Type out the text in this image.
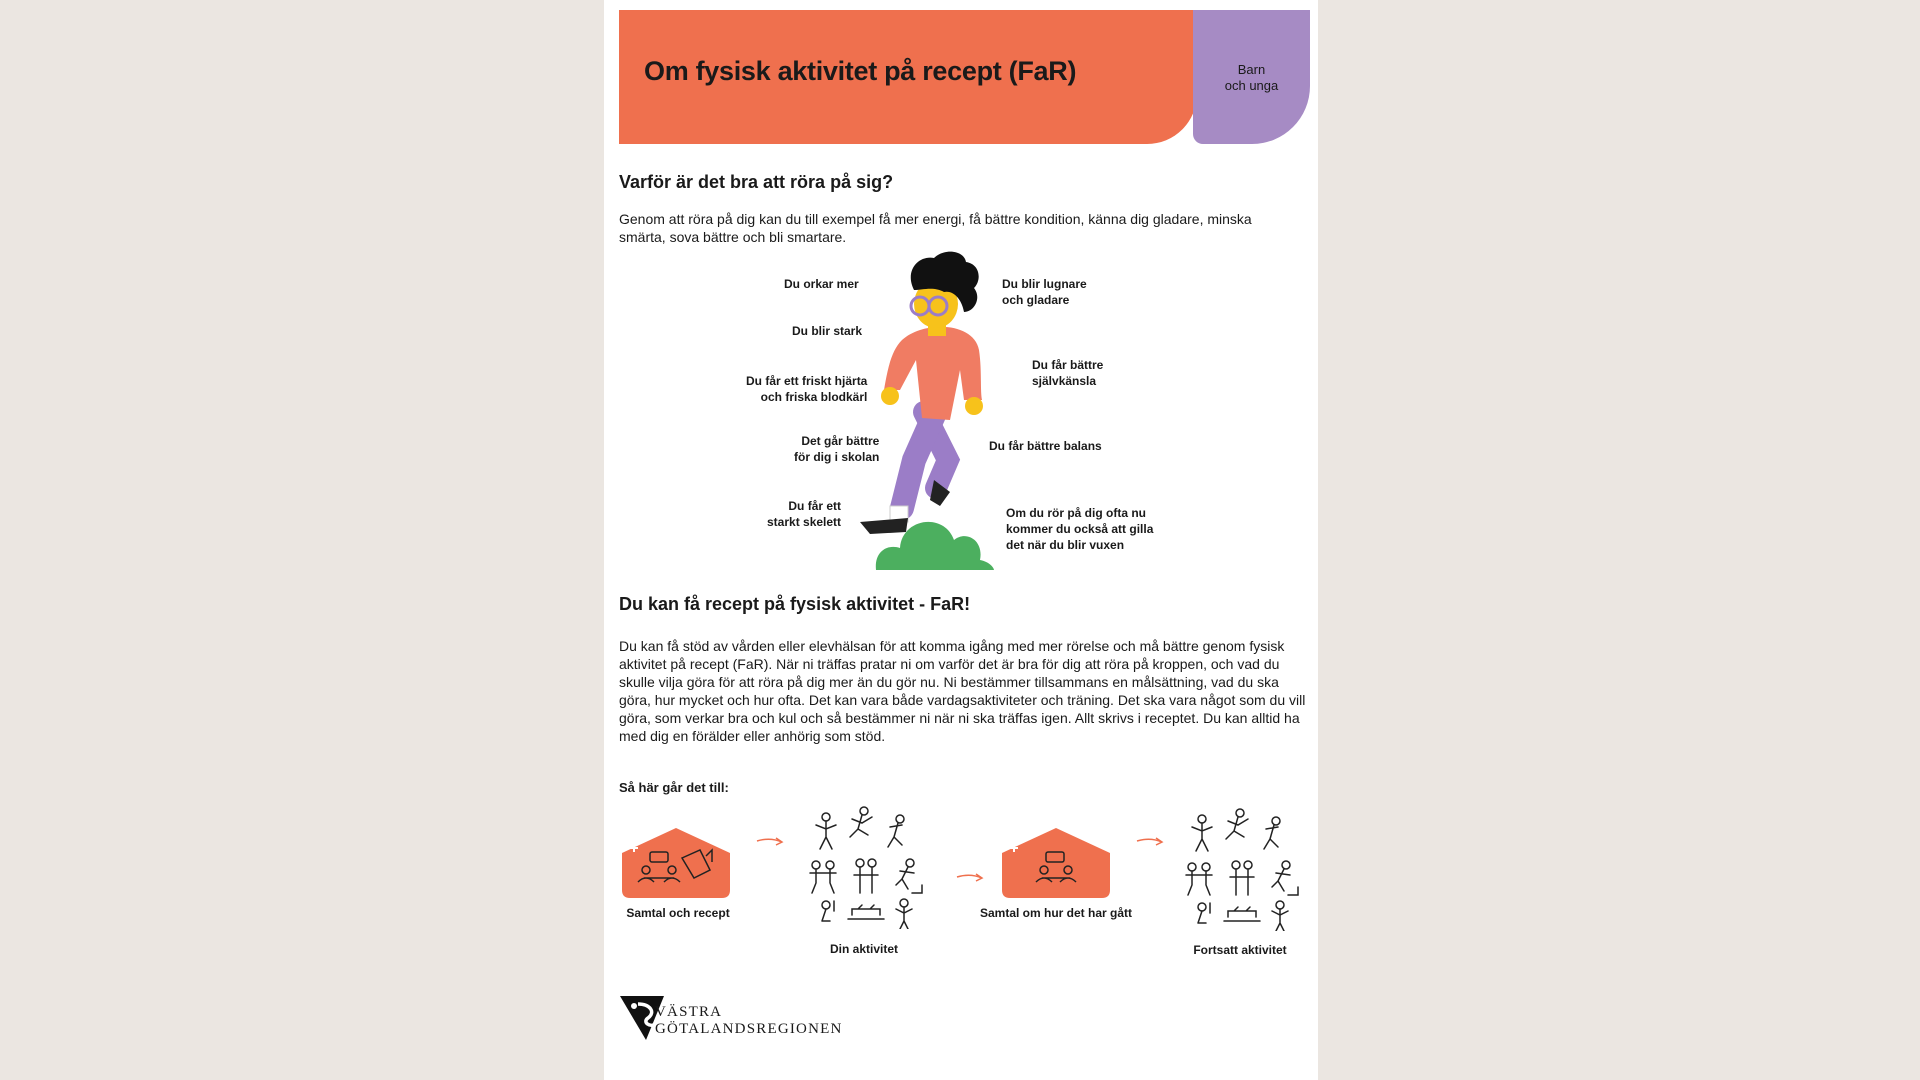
Om fysisk aktivitet på recept (FaR)	Barn
och unga
Varför är det bra att röra på sig?

Genom att röra på dig kan du till exempel få mer energi, få bättre kondition, känna dig gladare, minska smärta, sova bättre och bli smartare.

Du orkar mer
Du blir stark
Du får ett friskt hjärta
och friska blodkärl
Det går bättre
för dig i skolan
Du får ett
starkt skelett
Du blir lugnare
och gladare
Du får bättre
självkänsla
Du får bättre balans
Om du rör på dig ofta nu
kommer du också att gilla
det när du blir vuxen
Du kan få recept på fysisk aktivitet - FaR!

Du kan få stöd av vården eller elevhälsan för att komma igång med mer rörelse och må bättre genom fysisk aktivitet på recept (FaR). När ni träffas pratar ni om varför det är bra för dig att röra på kroppen, och vad du skulle vilja göra för att röra på dig mer än du gör nu. Ni bestämmer tillsammans en målsättning, vad du ska göra, hur mycket och hur ofta. Det kan vara både vardagsaktiviteter och träning. Det ska vara något som du vill göra, som verkar bra och kul och så bestämmer ni när ni ska träffas igen. Allt skrivs i receptet. Du kan alltid ha med dig en förälder eller anhörig som stöd.

Så här går det till:
Samtal och recept
Din aktivitet
Samtal om hur det har gått
Fortsatt aktivitet
VÄSTRA
GÖTALANDSREGIONEN
